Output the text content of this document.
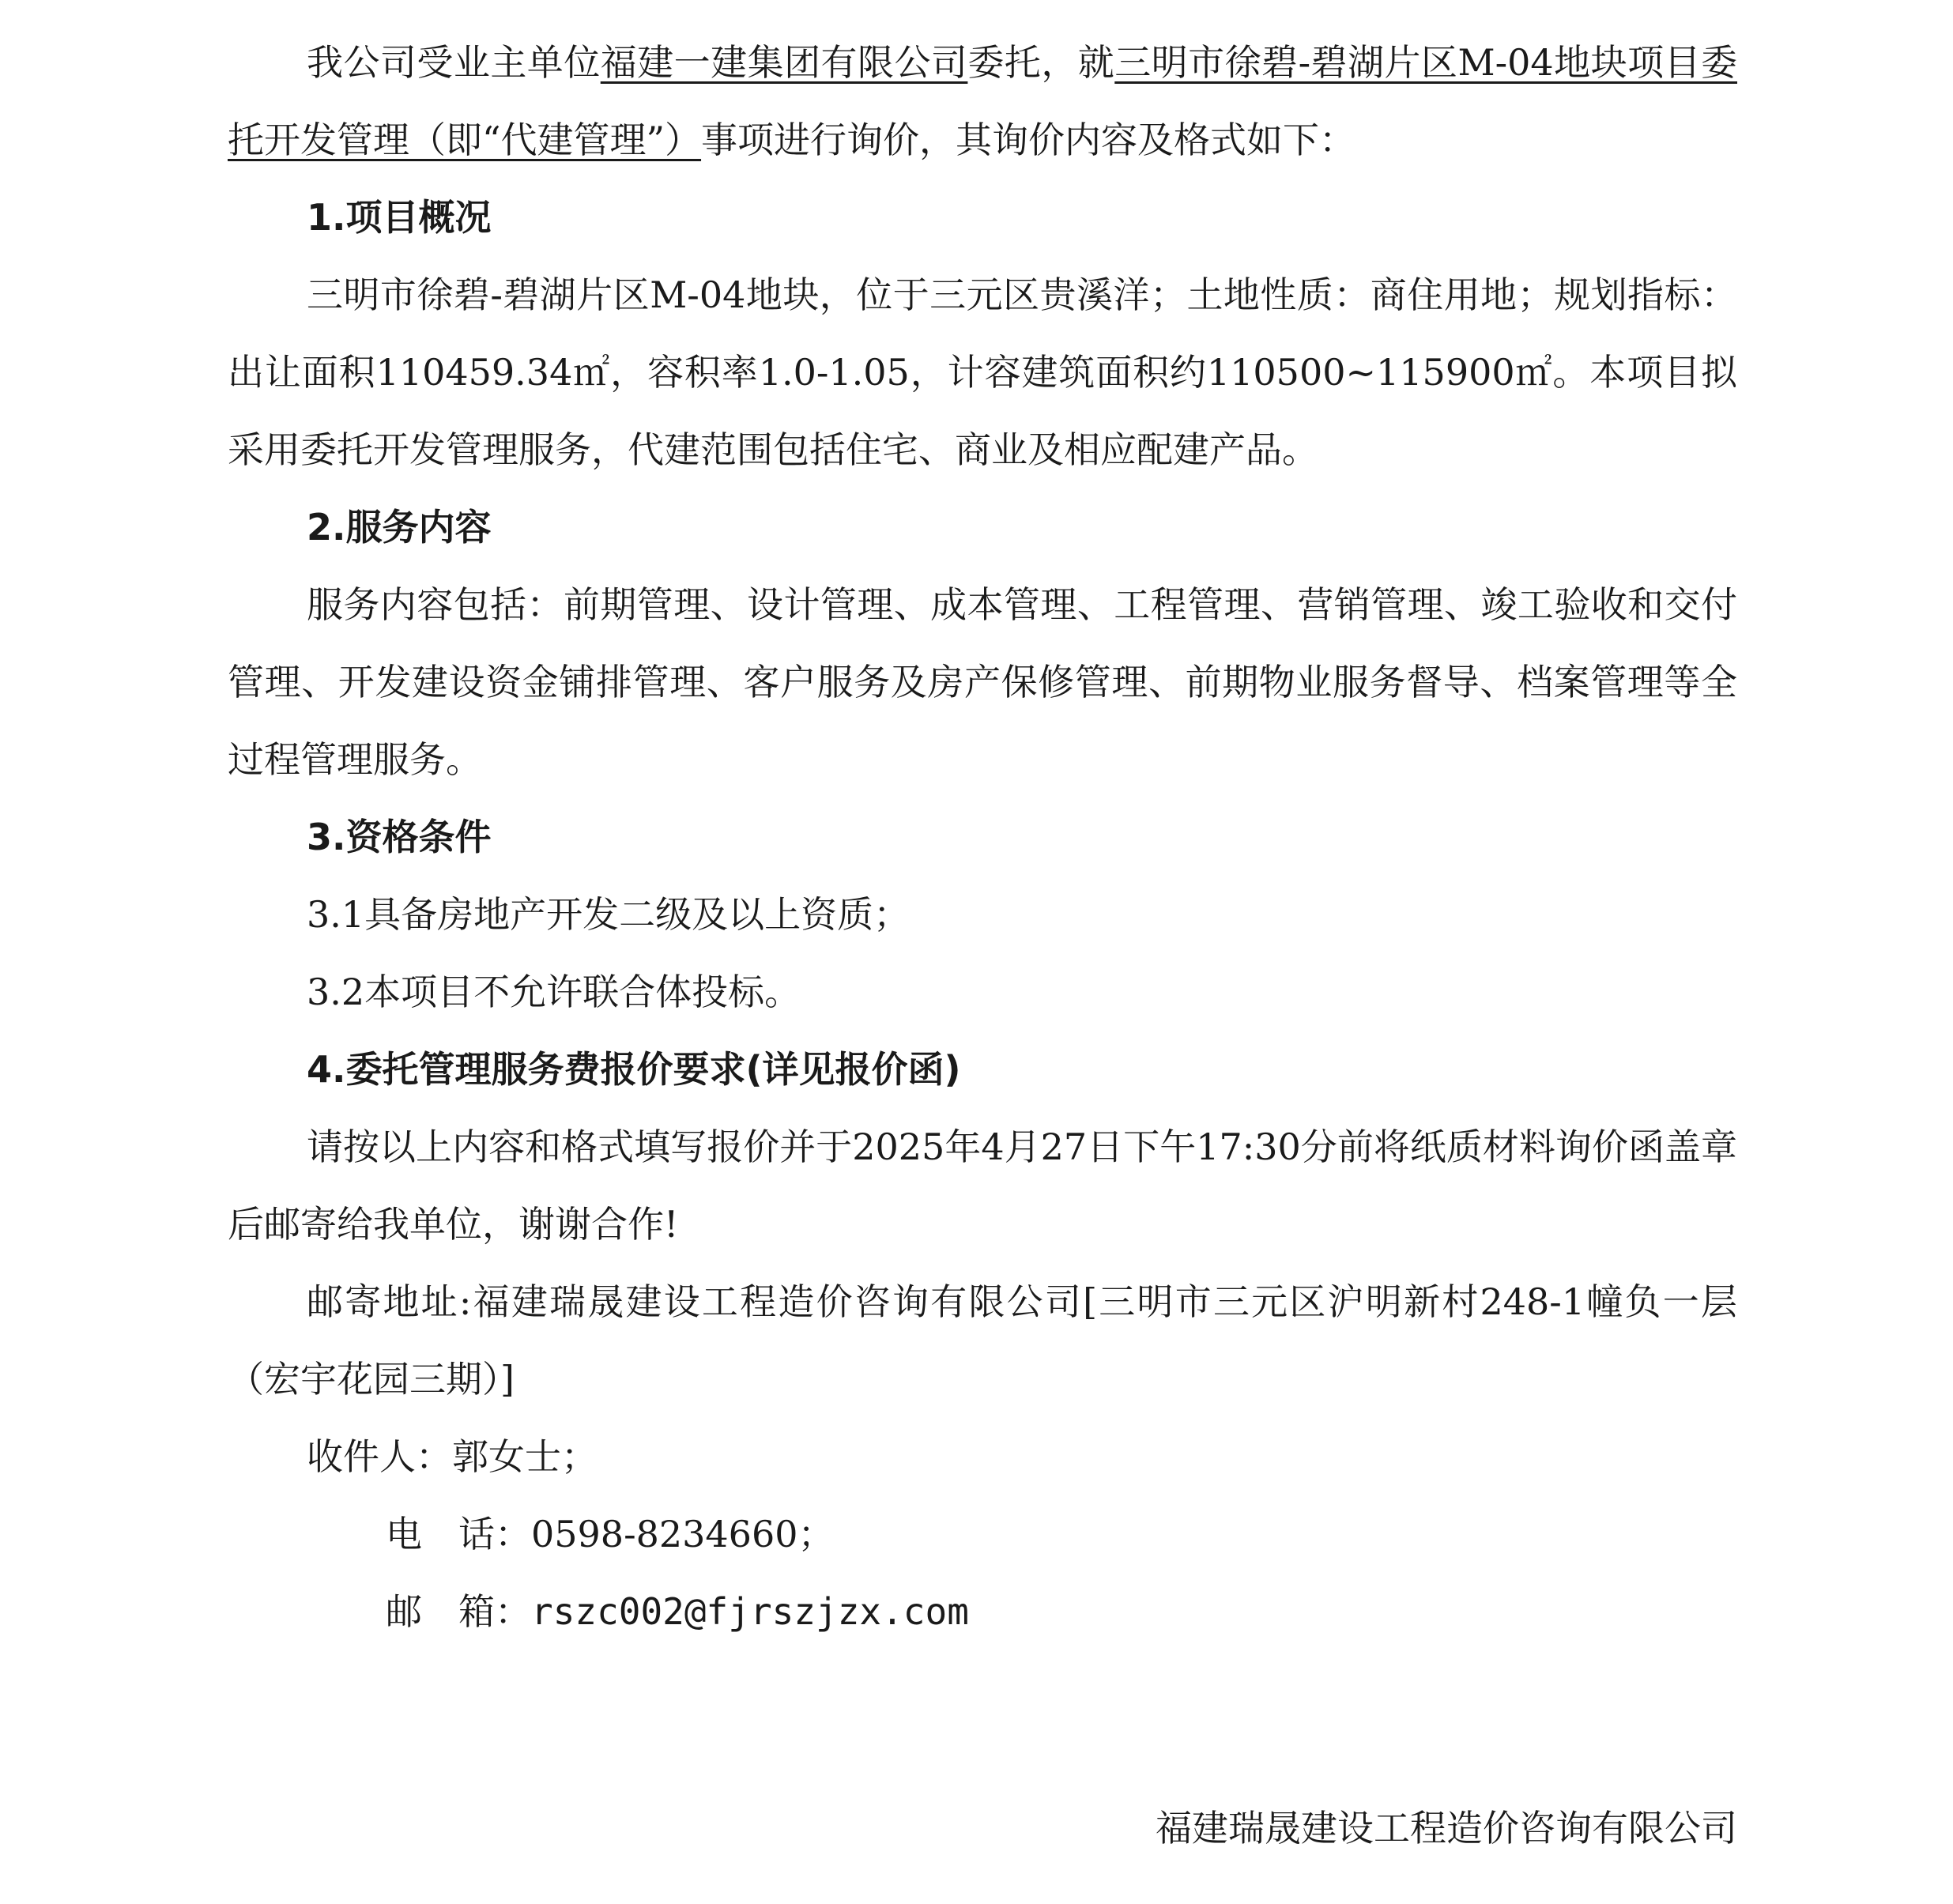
我公司受业主单位福建一建集团有限公司委托，就三明市徐碧-碧湖片区M-04地块项目委托开发管理（即“代建管理”）事项进行询价，其询价内容及格式如下：

1.项目概况

三明市徐碧-碧湖片区M-04地块，位于三元区贵溪洋；土地性质：商住用地；规划指标：出让面积110459.34㎡，容积率1.0-1.05，计容建筑面积约110500~115900㎡。本项目拟采用委托开发管理服务，代建范围包括住宅、商业及相应配建产品。

2.服务内容

服务内容包括：前期管理、设计管理、成本管理、工程管理、营销管理、竣工验收和交付管理、开发建设资金铺排管理、客户服务及房产保修管理、前期物业服务督导、档案管理等全过程管理服务。

3.资格条件

3.1具备房地产开发二级及以上资质；

3.2本项目不允许联合体投标。

4.委托管理服务费报价要求(详见报价函)

请按以上内容和格式填写报价并于2025年4月27日下午17:30分前将纸质材料询价函盖章后邮寄给我单位，谢谢合作!

邮寄地址:福建瑞晟建设工程造价咨询有限公司[三明市三元区沪明新村248-1幢负一层（宏宇花园三期）]

收件人：郭女士；

电　话：0598-8234660；

邮　箱：rszc002@fjrszjzx.com

福建瑞晟建设工程造价咨询有限公司
